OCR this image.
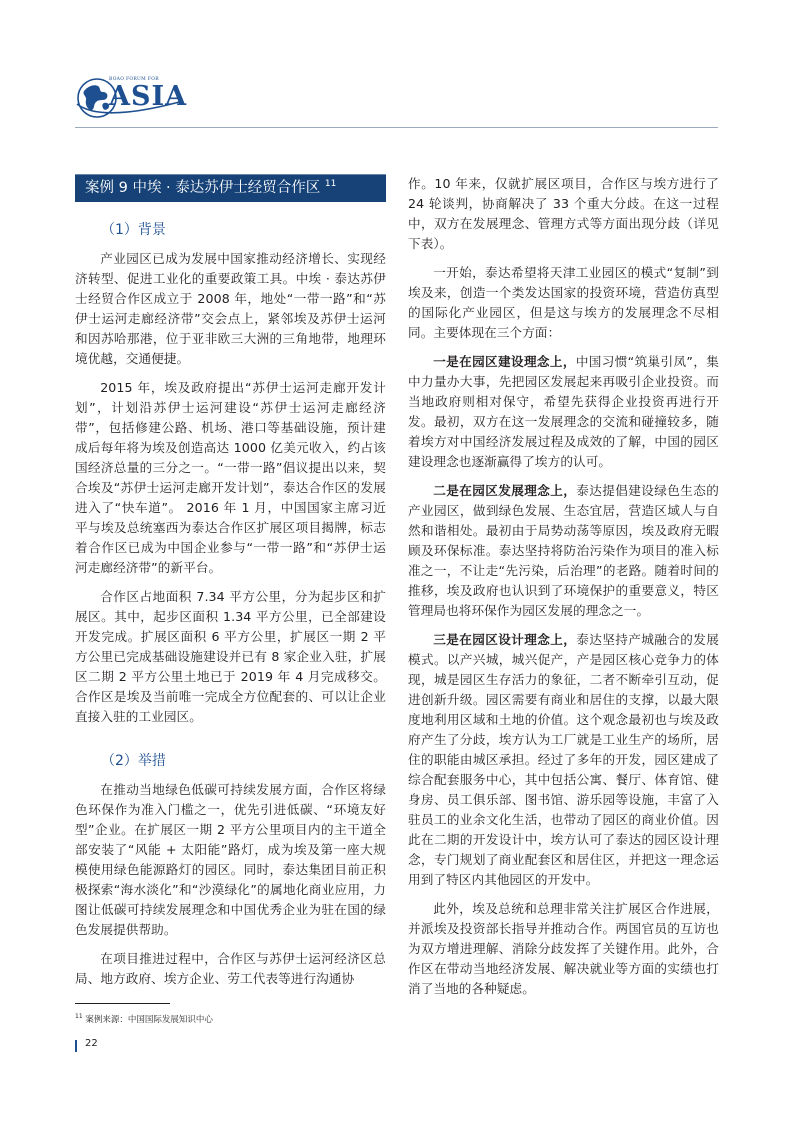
BOAO FORUM FOR
ASIA
案例 9 中埃 · 泰达苏伊士经贸合作区 $^{11}$
（1）背景

产业园区已成为发展中国家推动经济增长、实现经济转型、促进工业化的重要政策工具。中埃 · 泰达苏伊士经贸合作区成立于 2008 年，地处“一带一路”和“苏伊士运河走廊经济带”交会点上，紧邻埃及苏伊士运河和因苏哈那港，位于亚非欧三大洲的三角地带，地理环境优越，交通便捷。

2015 年，埃及政府提出“苏伊士运河走廊开发计划”，计划沿苏伊士运河建设“苏伊士运河走廊经济带”，包括修建公路、机场、港口等基础设施，预计建成后每年将为埃及创造高达 1000 亿美元收入，约占该国经济总量的三分之一。“一带一路”倡议提出以来，契合埃及“苏伊士运河走廊开发计划”，泰达合作区的发展进入了“快车道”。 2016 年 1 月，中国国家主席习近平与埃及总统塞西为泰达合作区扩展区项目揭牌，标志着合作区已成为中国企业参与“一带一路”和“苏伊士运河走廊经济带”的新平台。

合作区占地面积 7.34 平方公里，分为起步区和扩展区。其中，起步区面积 1.34 平方公里，已全部建设开发完成。扩展区面积 6 平方公里，扩展区一期 2 平方公里已完成基础设施建设并已有 8 家企业入驻，扩展区二期 2 平方公里土地已于 2019 年 4 月完成移交。合作区是埃及当前唯一完成全方位配套的、可以让企业直接入驻的工业园区。

（2）举措

在推动当地绿色低碳可持续发展方面，合作区将绿色环保作为准入门槛之一，优先引进低碳、“环境友好型”企业。在扩展区一期 2 平方公里项目内的主干道全部安装了“风能 + 太阳能”路灯，成为埃及第一座大规模使用绿色能源路灯的园区。同时，泰达集团目前正积极探索“海水淡化”和“沙漠绿化”的属地化商业应用，力图让低碳可持续发展理念和中国优秀企业为驻在国的绿色发展提供帮助。

在项目推进过程中，合作区与苏伊士运河经济区总局、地方政府、埃方企业、劳工代表等进行沟通协

作。10 年来，仅就扩展区项目，合作区与埃方进行了 24 轮谈判，协商解决了 33 个重大分歧。在这一过程中，双方在发展理念、管理方式等方面出现分歧（详见下表）。

一开始，泰达希望将天津工业园区的模式“复制”到埃及来，创造一个类发达国家的投资环境，营造仿真型的国际化产业园区，但是这与埃方的发展理念不尽相同。主要体现在三个方面：

一是在园区建设理念上，中国习惯“筑巢引凤”，集中力量办大事，先把园区发展起来再吸引企业投资。而当地政府则相对保守，希望先获得企业投资再进行开发。最初，双方在这一发展理念的交流和碰撞较多，随着埃方对中国经济发展过程及成效的了解，中国的园区建设理念也逐渐赢得了埃方的认可。

二是在园区发展理念上，泰达提倡建设绿色生态的产业园区，做到绿色发展、生态宜居，营造区域人与自然和谐相处。最初由于局势动荡等原因，埃及政府无暇顾及环保标准。泰达坚持将防治污染作为项目的准入标准之一，不让走“先污染，后治理”的老路。随着时间的推移，埃及政府也认识到了环境保护的重要意义，特区管理局也将环保作为园区发展的理念之一。

三是在园区设计理念上，泰达坚持产城融合的发展模式。以产兴城，城兴促产，产是园区核心竞争力的体现，城是园区生存活力的象征，二者不断牵引互动，促进创新升级。园区需要有商业和居住的支撑，以最大限度地利用区域和土地的价值。这个观念最初也与埃及政府产生了分歧，埃方认为工厂就是工业生产的场所，居住的职能由城区承担。经过了多年的开发，园区建成了综合配套服务中心，其中包括公寓、餐厅、体育馆、健身房、员工俱乐部、图书馆、游乐园等设施，丰富了入驻员工的业余文化生活，也带动了园区的商业价值。因此在二期的开发设计中，埃方认可了泰达的园区设计理念，专门规划了商业配套区和居住区，并把这一理念运用到了特区内其他园区的开发中。

此外，埃及总统和总理非常关注扩展区合作进展，并派埃及投资部长指导并推动合作。两国官员的互访也为双方增进理解、消除分歧发挥了关键作用。此外，合作区在带动当地经济发展、解决就业等方面的实绩也打消了当地的各种疑虑。

$^{11}$ 案例来源：中国国际发展知识中心
22
